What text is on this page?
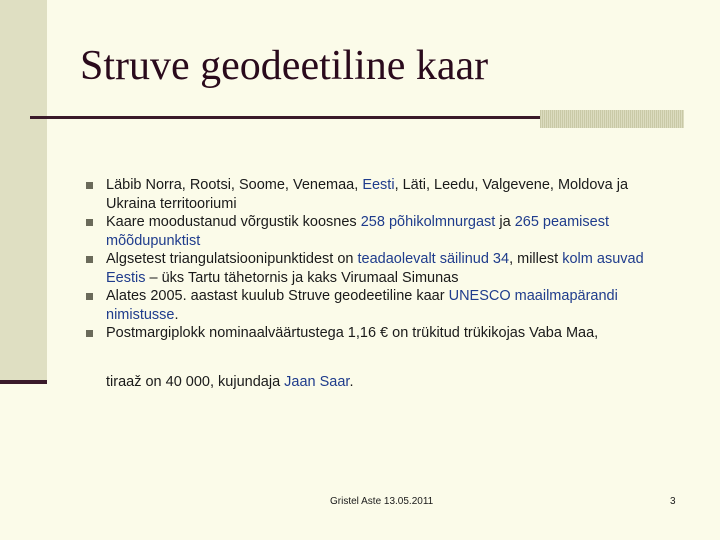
Struve geodeetiline kaar
Läbib Norra, Rootsi, Soome, Venemaa, Eesti, Läti, Leedu, Valgevene, Moldova ja Ukraina territooriumi
Kaare moodustanud võrgustik koosnes 258 põhikolmnurgast ja 265 peamisest mõõdupunktist
Algsetest triangulatsioonipunktidest on teadaolevalt säilinud 34, millest kolm asuvad Eestis – üks Tartu tähetornis ja kaks Virumaal Simunas
Alates 2005. aastast kuulub Struve geodeetiline kaar UNESCO maailmapärandi nimistusse.
Postmargiplokk nominaalväärtustega 1,16 € on trükitud trükikojas Vaba Maa,
tiraaž on 40 000, kujundaja Jaan Saar.
Gristel Aste 13.05.2011	3
